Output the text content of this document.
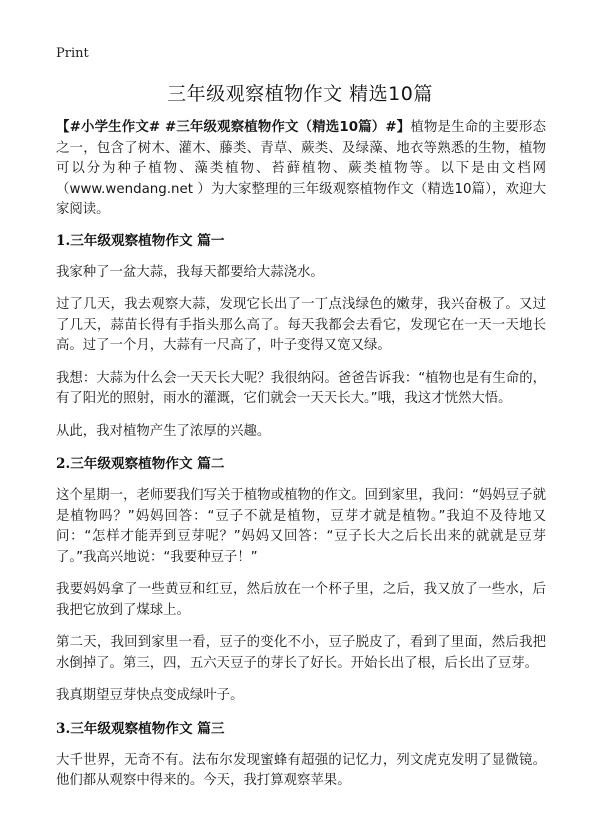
Print
三年级观察植物作文 精选10篇

【#小学生作文# #三年级观察植物作文（精选10篇）#】植物是生命的主要形态之一，包含了树木、灌木、藤类、青草、蕨类、及绿藻、地衣等熟悉的生物，植物可以分为种子植物、藻类植物、苔藓植物、蕨类植物等。以下是由文档网（www.wendang.net ）为大家整理的三年级观察植物作文（精选10篇），欢迎大家阅读。

1.三年级观察植物作文 篇一

我家种了一盆大蒜，我每天都要给大蒜浇水。

过了几天，我去观察大蒜，发现它长出了一丁点浅绿色的嫩芽，我兴奋极了。又过了几天，蒜苗长得有手指头那么高了。每天我都会去看它，发现它在一天一天地长高。过了一个月，大蒜有一尺高了，叶子变得又宽又绿。

我想：大蒜为什么会一天天长大呢？我很纳闷。爸爸告诉我：“植物也是有生命的，有了阳光的照射，雨水的灌溉，它们就会一天天长大。”哦，我这才恍然大悟。

从此，我对植物产生了浓厚的兴趣。

2.三年级观察植物作文 篇二

这个星期一，老师要我们写关于植物或植物的作文。回到家里，我问：“妈妈豆子就是植物吗？”妈妈回答：“豆子不就是植物，豆芽才就是植物。”我迫不及待地又问：“怎样才能弄到豆芽呢？”妈妈又回答：“豆子长大之后长出来的就就是豆芽了。”我高兴地说：“我要种豆子！”

我要妈妈拿了一些黄豆和红豆，然后放在一个杯子里，之后，我又放了一些水，后我把它放到了煤球上。

第二天，我回到家里一看，豆子的变化不小，豆子脱皮了，看到了里面，然后我把水倒掉了。第三，四，五六天豆子的芽长了好长。开始长出了根，后长出了豆芽。

我真期望豆芽快点变成绿叶子。

3.三年级观察植物作文 篇三

大千世界，无奇不有。法布尔发现蜜蜂有超强的记忆力，列文虎克发明了显微镜。他们都从观察中得来的。今天，我打算观察苹果。
